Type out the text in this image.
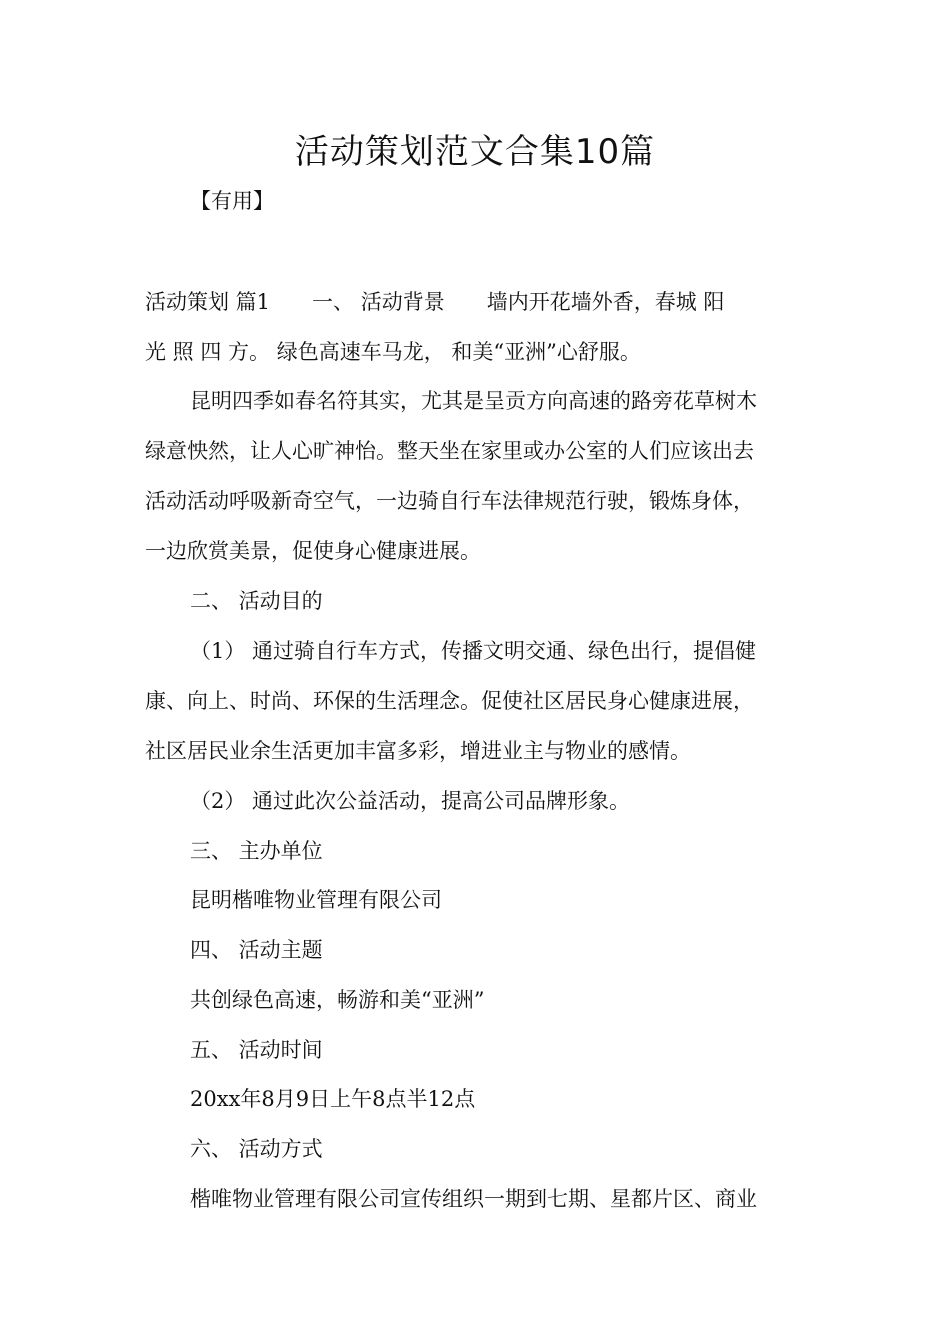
活动策划范文合集10篇
【有用】
活动策划 篇1　　一、 活动背景　　墙内开花墙外香，春城 阳
光 照 四 方。 绿色高速车马龙， 和美“亚洲”心舒服。
昆明四季如春名符其实，尤其是呈贡方向高速的路旁花草树木
绿意怏然，让人心旷神怡。整天坐在家里或办公室的人们应该出去
活动活动呼吸新奇空气，一边骑自行车法律规范行驶，锻炼身体，
一边欣赏美景，促使身心健康进展。
二、 活动目的
（1） 通过骑自行车方式，传播文明交通、绿色出行，提倡健
康、向上、时尚、环保的生活理念。促使社区居民身心健康进展，
社区居民业余生活更加丰富多彩，增进业主与物业的感情。
（2） 通过此次公益活动，提高公司品牌形象。
三、 主办单位
昆明楷唯物业管理有限公司
四、 活动主题
共创绿色高速，畅游和美“亚洲”
五、 活动时间
20xx年8月9日上午8点半12点
六、 活动方式
楷唯物业管理有限公司宣传组织一期到七期、星都片区、商业
